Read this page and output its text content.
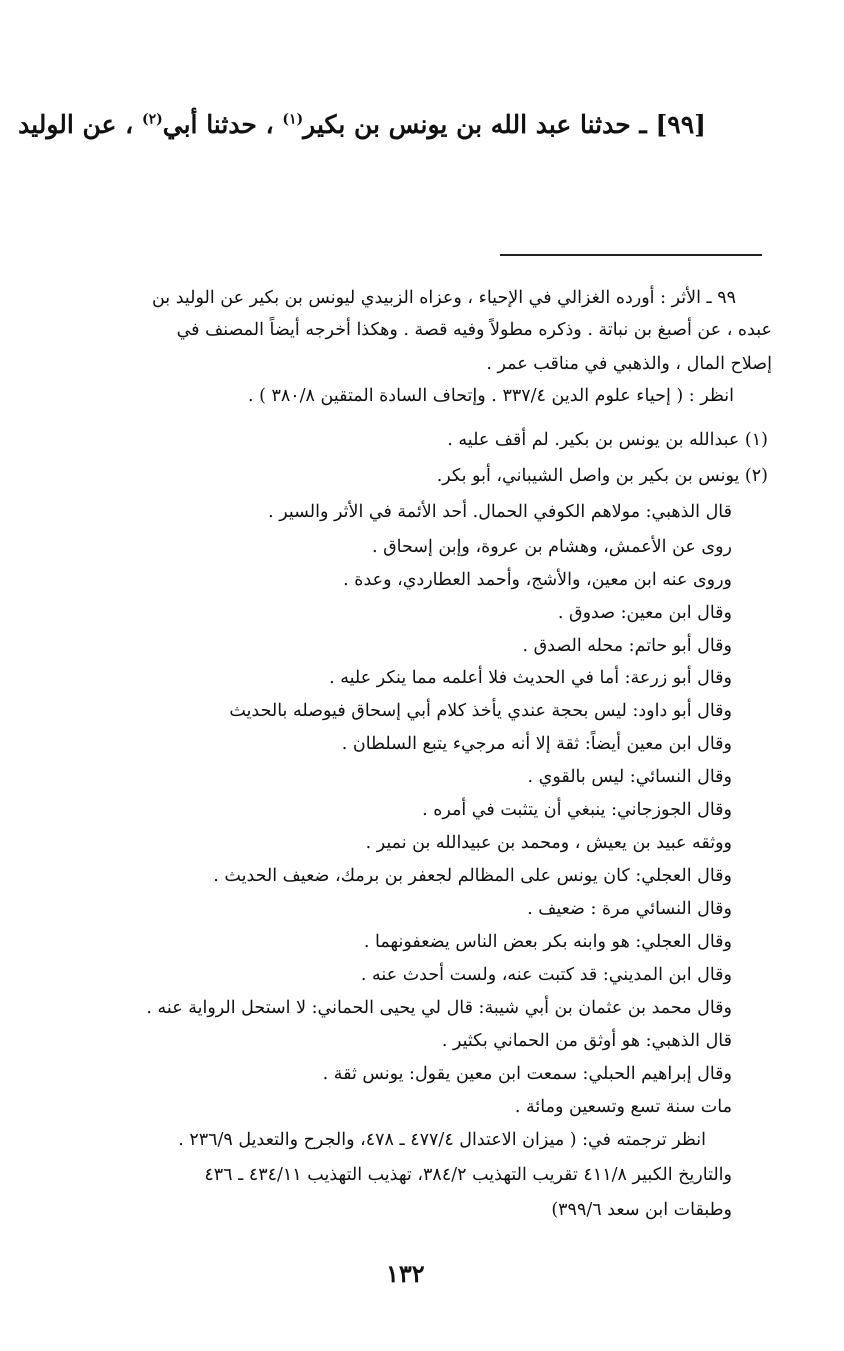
[٩٩] ـ حدثنا عبد الله بن يونس بن بكير$^{(١)}$ ، حدثنا أبي$^{(٢)}$ ، عن الوليد
٩٩ ـ الأثر : أورده الغزالي في الإحياء ، وعزاه الزبيدي ليونس بن بكير عن الوليد بن
عبده ، عن أصبغ بن نباتة . وذكره مطولاً وفيه قصة . وهكذا أخرجه أيضاً المصنف في
إصلاح المال ، والذهبي في مناقب عمر .
انظر : ( إحياء علوم الدين ٣٣٧/٤ . وإتحاف السادة المتقين ٣٨٠/٨ ) .
(١) عبدالله بن يونس بن بكير. لم أقف عليه .
(٢) يونس بن بكير بن واصل الشيباني، أبو بكر.
قال الذهبي: مولاهم الكوفي الحمال. أحد الأئمة في الأثر والسير .
روى عن الأعمش، وهشام بن عروة، وإبن إسحاق .
وروى عنه ابن معين، والأشج، وأحمد العطاردي، وعدة .
وقال ابن معين: صدوق .
وقال أبو حاتم: محله الصدق .
وقال أبو زرعة: أما في الحديث فلا أعلمه مما ينكر عليه .
وقال أبو داود: ليس بحجة عندي يأخذ كلام أبي إسحاق فيوصله بالحديث
وقال ابن معين أيضاً: ثقة إلا أنه مرجيء يتبع السلطان .
وقال النسائي: ليس بالقوي .
وقال الجوزجاني: ينبغي أن يتثبت في أمره .
ووثقه عبيد بن يعيش ، ومحمد بن عبيدالله بن نمير .
وقال العجلي: كان يونس على المظالم لجعفر بن برمك، ضعيف الحديث .
وقال النسائي مرة : ضعيف .
وقال العجلي: هو وابنه بكر بعض الناس يضعفونهما .
وقال ابن المديني: قد كتبت عنه، ولست أحدث عنه .
وقال محمد بن عثمان بن أبي شيبة: قال لي يحيى الحماني: لا استحل الرواية عنه .
قال الذهبي: هو أوثق من الحماني بكثير .
وقال إبراهيم الحبلي: سمعت ابن معين يقول: يونس ثقة .
مات سنة تسع وتسعين ومائة .
انظر ترجمته في: ( ميزان الاعتدال ٤٧٧/٤ ـ ٤٧٨، والجرح والتعديل ٢٣٦/٩ .
والتاريخ الكبير ٤١١/٨ تقريب التهذيب ٣٨٤/٢، تهذيب التهذيب ٤٣٤/١١ ـ ٤٣٦
وطبقات ابن سعد ٣٩٩/٦)
١٣٢
